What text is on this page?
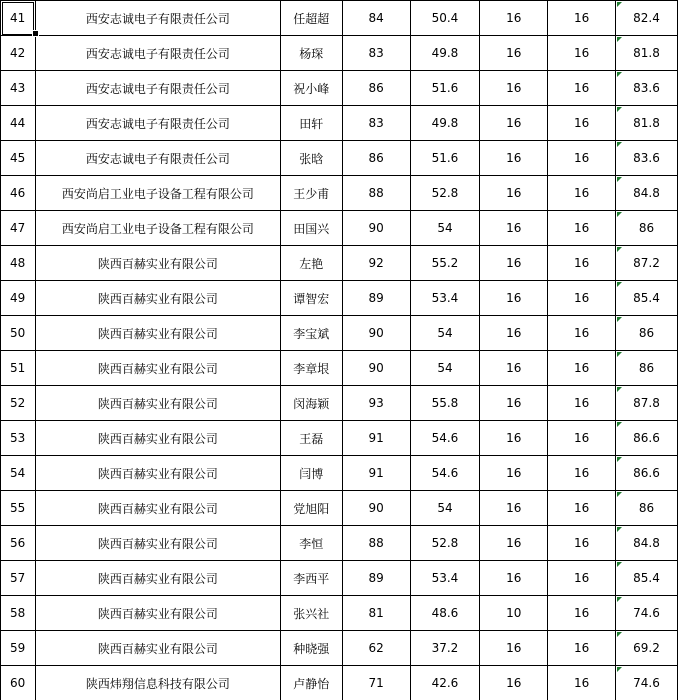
41	西安志诚电子有限责任公司	任超超	84	50.4	16	16	82.4
42	西安志诚电子有限责任公司	杨琛	83	49.8	16	16	81.8
43	西安志诚电子有限责任公司	祝小峰	86	51.6	16	16	83.6
44	西安志诚电子有限责任公司	田轩	83	49.8	16	16	81.8
45	西安志诚电子有限责任公司	张晗	86	51.6	16	16	83.6
46	西安尚启工业电子设备工程有限公司	王少甫	88	52.8	16	16	84.8
47	西安尚启工业电子设备工程有限公司	田国兴	90	54	16	16	86
48	陕西百赫实业有限公司	左艳	92	55.2	16	16	87.2
49	陕西百赫实业有限公司	谭智宏	89	53.4	16	16	85.4
50	陕西百赫实业有限公司	李宝斌	90	54	16	16	86
51	陕西百赫实业有限公司	李章垠	90	54	16	16	86
52	陕西百赫实业有限公司	闵海颖	93	55.8	16	16	87.8
53	陕西百赫实业有限公司	王磊	91	54.6	16	16	86.6
54	陕西百赫实业有限公司	闫博	91	54.6	16	16	86.6
55	陕西百赫实业有限公司	党旭阳	90	54	16	16	86
56	陕西百赫实业有限公司	李恒	88	52.8	16	16	84.8
57	陕西百赫实业有限公司	李西平	89	53.4	16	16	85.4
58	陕西百赫实业有限公司	张兴社	81	48.6	10	16	74.6
59	陕西百赫实业有限公司	种晓强	62	37.2	16	16	69.2
60	陕西炜翔信息科技有限公司	卢静怡	71	42.6	16	16	74.6
